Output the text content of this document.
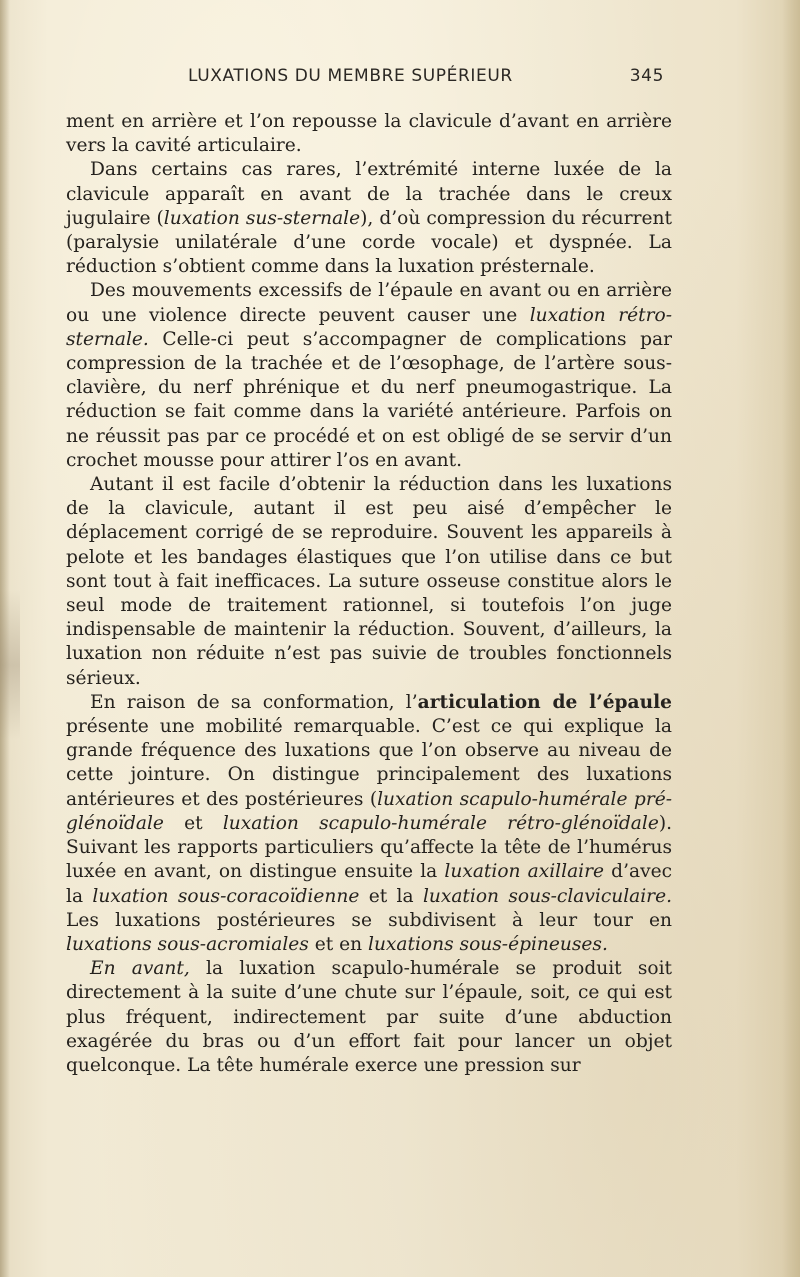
LUXATIONS DU MEMBRE SUPÉRIEUR	345

ment en arrière et l’on repousse la clavicule d’avant en arrière vers la cavité articulaire.

Dans certains cas rares, l’extrémité interne luxée de la clavicule apparaît en avant de la trachée dans le creux jugulaire (luxation sus-sternale), d’où compression du récurrent (paralysie unilatérale d’une corde vocale) et dyspnée. La réduction s’obtient comme dans la luxation présternale.

Des mouvements excessifs de l’épaule en avant ou en arrière ou une violence directe peuvent causer une luxation rétro-sternale. Celle-ci peut s’accompagner de complications par compression de la trachée et de l’œsophage, de l’artère sous-clavière, du nerf phrénique et du nerf pneumogastrique. La réduction se fait comme dans la variété antérieure. Parfois on ne réussit pas par ce procédé et on est obligé de se servir d’un crochet mousse pour attirer l’os en avant.

Autant il est facile d’obtenir la réduction dans les luxations de la clavicule, autant il est peu aisé d’empêcher le déplacement corrigé de se reproduire. Souvent les appareils à pelote et les bandages élastiques que l’on utilise dans ce but sont tout à fait inefficaces. La suture osseuse constitue alors le seul mode de traitement rationnel, si toutefois l’on juge indispensable de maintenir la réduction. Souvent, d’ailleurs, la luxation non réduite n’est pas suivie de troubles fonctionnels sérieux.

En raison de sa conformation, l’articulation de l’épaule présente une mobilité remarquable. C’est ce qui explique la grande fréquence des luxations que l’on observe au niveau de cette jointure. On distingue principalement des luxations antérieures et des postérieures (luxation scapulo-humérale pré-glénoïdale et luxation scapulo-humérale rétro-glénoïdale). Suivant les rapports particuliers qu’affecte la tête de l’humérus luxée en avant, on distingue ensuite la luxation axillaire d’avec la luxation sous-coracoïdienne et la luxation sous-claviculaire. Les luxations postérieures se subdivisent à leur tour en luxations sous-acromiales et en luxations sous-épineuses.

En avant, la luxation scapulo-humérale se produit soit directement à la suite d’une chute sur l’épaule, soit, ce qui est plus fréquent, indirectement par suite d’une abduction exagérée du bras ou d’un effort fait pour lancer un objet quelconque. La tête humérale exerce une pression sur
